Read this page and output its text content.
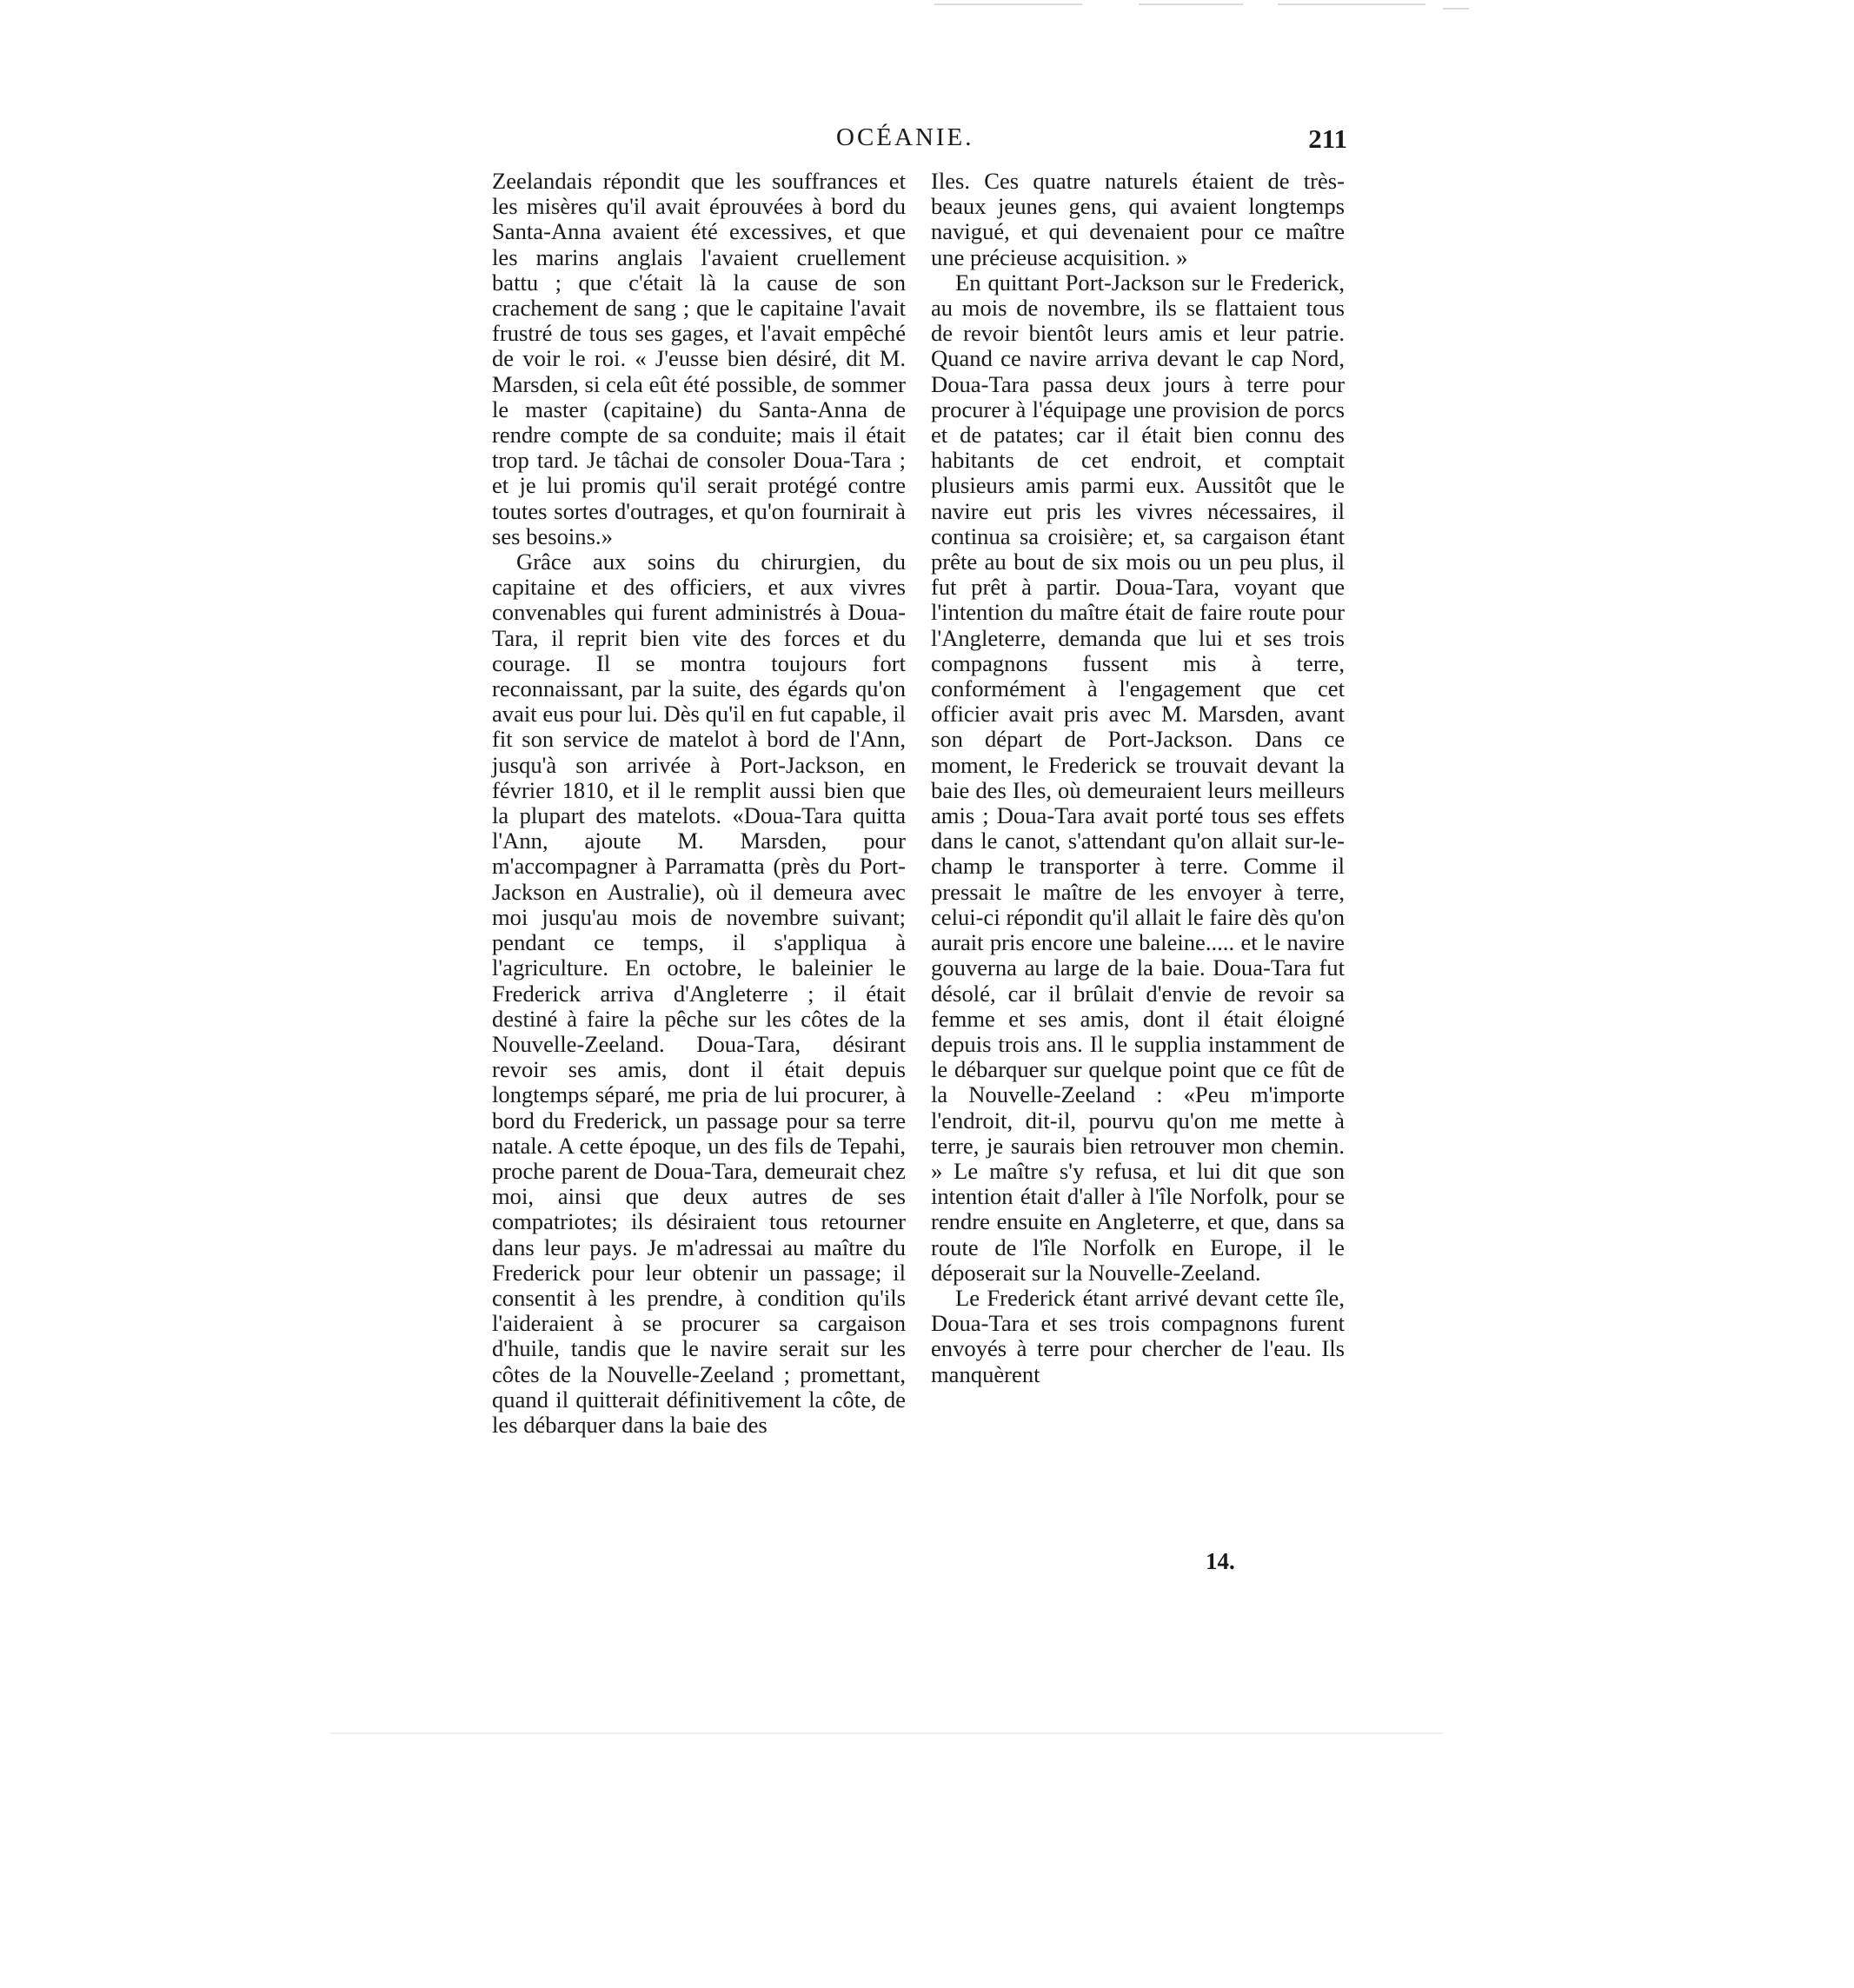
OCÉANIE.	211

Zeelandais répondit que les souffrances et les misères qu'il avait éprouvées à bord du Santa-Anna avaient été excessives, et que les marins anglais l'avaient cruellement battu ; que c'était là la cause de son crachement de sang ; que le capitaine l'avait frustré de tous ses gages, et l'avait empêché de voir le roi. « J'eusse bien désiré, dit M. Marsden, si cela eût été possible, de sommer le master (capitaine) du Santa-Anna de rendre compte de sa conduite; mais il était trop tard. Je tâchai de consoler Doua-Tara ; et je lui promis qu'il serait protégé contre toutes sortes d'outrages, et qu'on fournirait à ses besoins.»

Grâce aux soins du chirurgien, du capitaine et des officiers, et aux vivres convenables qui furent administrés à Doua-Tara, il reprit bien vite des forces et du courage. Il se montra toujours fort reconnaissant, par la suite, des égards qu'on avait eus pour lui. Dès qu'il en fut capable, il fit son service de matelot à bord de l'Ann, jusqu'à son arrivée à Port-Jackson, en février 1810, et il le remplit aussi bien que la plupart des matelots. «Doua-Tara quitta l'Ann, ajoute M. Marsden, pour m'accompagner à Parramatta (près du Port-Jackson en Australie), où il demeura avec moi jusqu'au mois de novembre suivant; pendant ce temps, il s'appliqua à l'agriculture. En octobre, le baleinier le Frederick arriva d'Angleterre ; il était destiné à faire la pêche sur les côtes de la Nouvelle-Zeeland. Doua-Tara, désirant revoir ses amis, dont il était depuis longtemps séparé, me pria de lui procurer, à bord du Frederick, un passage pour sa terre natale. A cette époque, un des fils de Tepahi, proche parent de Doua-Tara, demeurait chez moi, ainsi que deux autres de ses compatriotes; ils désiraient tous retourner dans leur pays. Je m'adressai au maître du Frederick pour leur obtenir un passage; il consentit à les prendre, à condition qu'ils l'aideraient à se procurer sa cargaison d'huile, tandis que le navire serait sur les côtes de la Nouvelle-Zeeland ; promettant, quand il quitterait définitivement la côte, de les débarquer dans la baie des

Iles. Ces quatre naturels étaient de très-beaux jeunes gens, qui avaient longtemps navigué, et qui devenaient pour ce maître une précieuse acquisition. »

En quittant Port-Jackson sur le Frederick, au mois de novembre, ils se flattaient tous de revoir bientôt leurs amis et leur patrie. Quand ce navire arriva devant le cap Nord, Doua-Tara passa deux jours à terre pour procurer à l'équipage une provision de porcs et de patates; car il était bien connu des habitants de cet endroit, et comptait plusieurs amis parmi eux. Aussitôt que le navire eut pris les vivres nécessaires, il continua sa croisière; et, sa cargaison étant prête au bout de six mois ou un peu plus, il fut prêt à partir. Doua-Tara, voyant que l'intention du maître était de faire route pour l'Angleterre, demanda que lui et ses trois compagnons fussent mis à terre, conformément à l'engagement que cet officier avait pris avec M. Marsden, avant son départ de Port-Jackson. Dans ce moment, le Frederick se trouvait devant la baie des Iles, où demeuraient leurs meilleurs amis ; Doua-Tara avait porté tous ses effets dans le canot, s'attendant qu'on allait sur-le-champ le transporter à terre. Comme il pressait le maître de les envoyer à terre, celui-ci répondit qu'il allait le faire dès qu'on aurait pris encore une baleine..... et le navire gouverna au large de la baie. Doua-Tara fut désolé, car il brûlait d'envie de revoir sa femme et ses amis, dont il était éloigné depuis trois ans. Il le supplia instamment de le débarquer sur quelque point que ce fût de la Nouvelle-Zeeland : «Peu m'importe l'endroit, dit-il, pourvu qu'on me mette à terre, je saurais bien retrouver mon chemin. » Le maître s'y refusa, et lui dit que son intention était d'aller à l'île Norfolk, pour se rendre ensuite en Angleterre, et que, dans sa route de l'île Norfolk en Europe, il le déposerait sur la Nouvelle-Zeeland.

Le Frederick étant arrivé devant cette île, Doua-Tara et ses trois compagnons furent envoyés à terre pour chercher de l'eau. Ils manquèrent

14.
